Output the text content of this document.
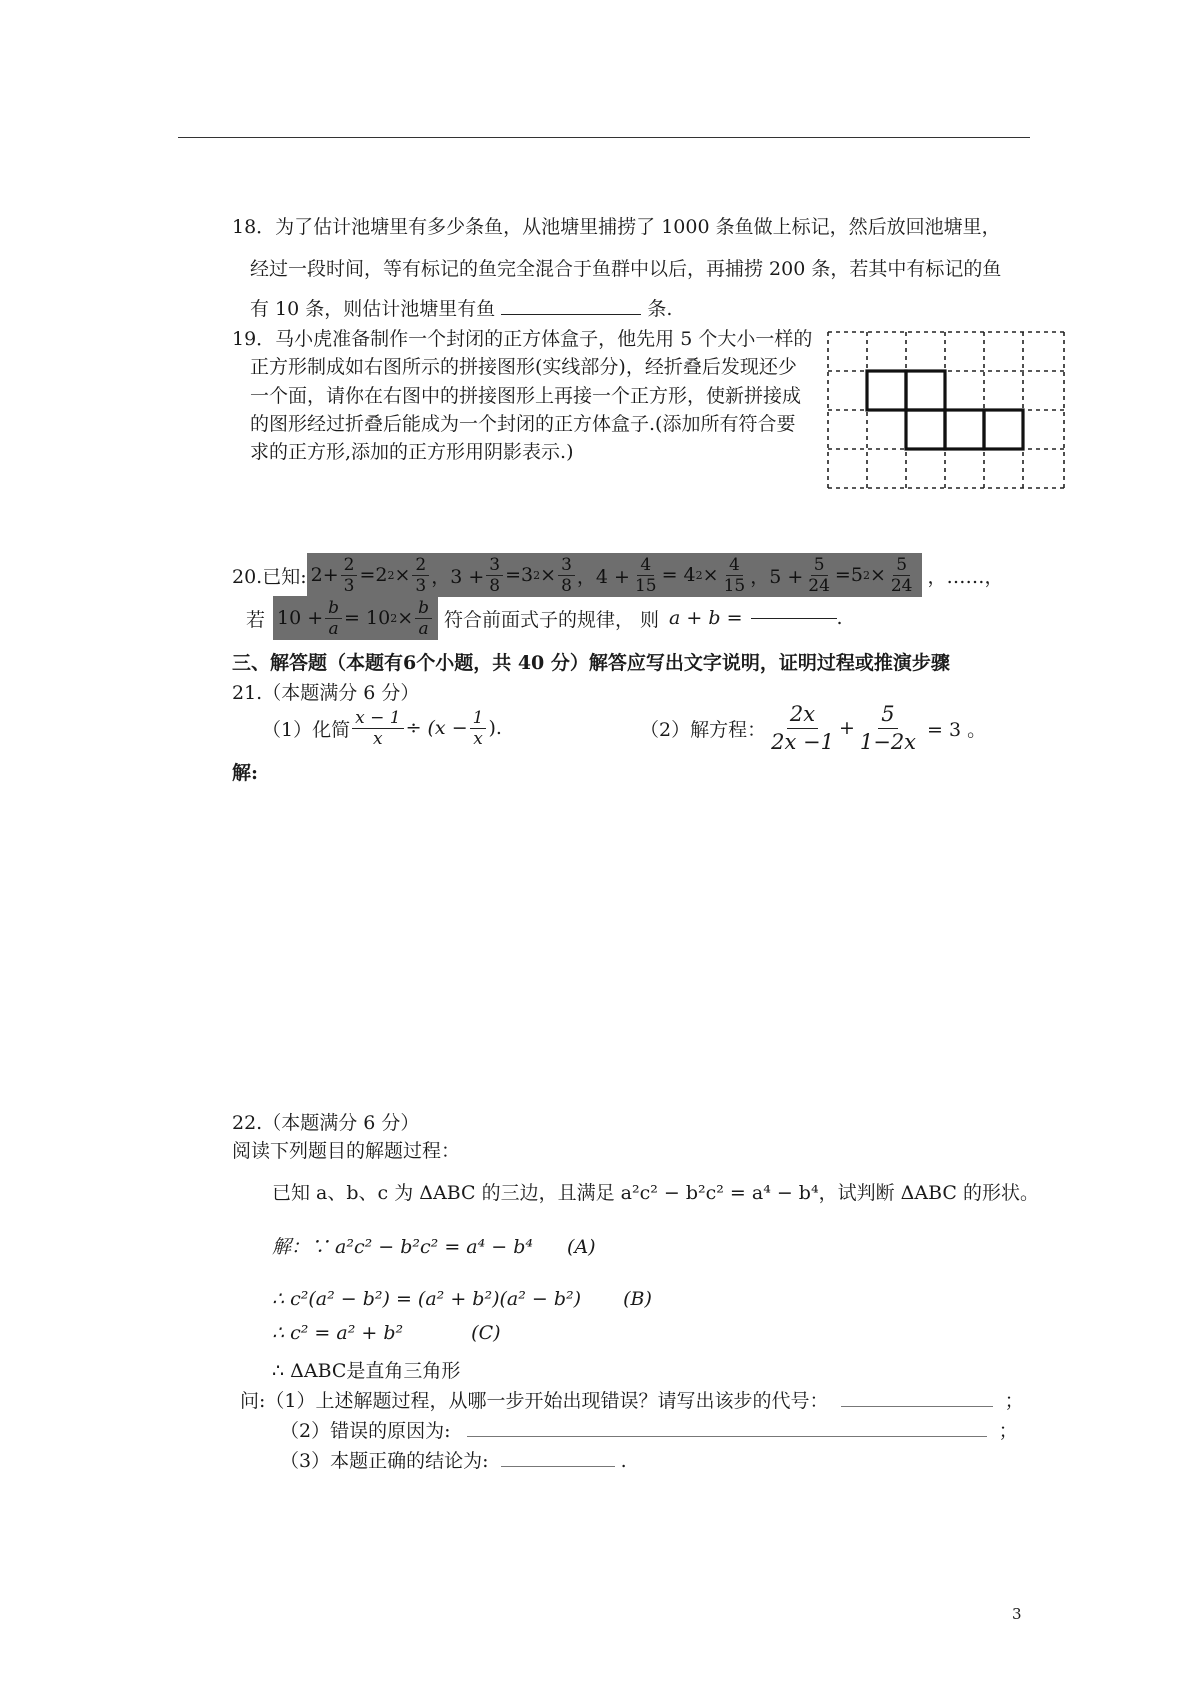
18．为了估计池塘里有多少条鱼，从池塘里捕捞了 1000 条鱼做上标记，然后放回池塘里，
经过一段时间，等有标记的鱼完全混合于鱼群中以后，再捕捞 200 条，若其中有标记的鱼
有 10 条，则估计池塘里有鱼	条.
19．马小虎准备制作一个封闭的正方体盒子，他先用 5 个大小一样的
正方形制成如右图所示的拼接图形(实线部分)，经折叠后发现还少
一个面，请你在右图中的拼接图形上再接一个正方形，使新拼接成
的图形经过折叠后能成为一个封闭的正方体盒子.(添加所有符合要
求的正方形,添加的正方形用阴影表示.)
20.已知: $2+ \frac{2}{3} =2$ $2 \times \frac{2}{3}$ ，$3 + \frac{3}{8} =3$ $2 \times \frac{3}{8}$ ，$4 + \frac{4}{15} = 4$ $2 \times \frac{4}{15}$ ，$5 + \frac{5}{24} =5$ $2 \times \frac{5}{24}$ ，……，
若 $10 + \frac{b}{a} = 10$ $2 \times \frac{b}{a}$ 符合前面式子的规律， 则 a + b =	.
三、解答题（本题有6个小题，共 40 分）解答应写出文字说明，证明过程或推演步骤
21.（本题满分 6 分）
（1）化简 $\frac{x - 1}{x} \div (x - \frac{1}{x}$ ).	（2）解方程： $\frac{2x}{2x -1} + \frac{5}{1-2x} = 3$ 。
解:
22.（本题满分 6 分）
阅读下列题目的解题过程：
已知 a、b、c 为 ΔABC 的三边，且满足 a²c² − b²c² = a⁴ − b⁴，试判断 ΔABC 的形状。
解：∵ a²c² − b²c² = a⁴ − b⁴ (A)
∴ c²(a² − b²) = (a² + b²)(a² − b²) (B)
∴ c² = a² + b²	(C)
∴ ΔABC是直角三角形
问:（1）上述解题过程，从哪一步开始出现错误？请写出该步的代号：	；
（2）错误的原因为:	；
（3）本题正确的结论为:	.
3
